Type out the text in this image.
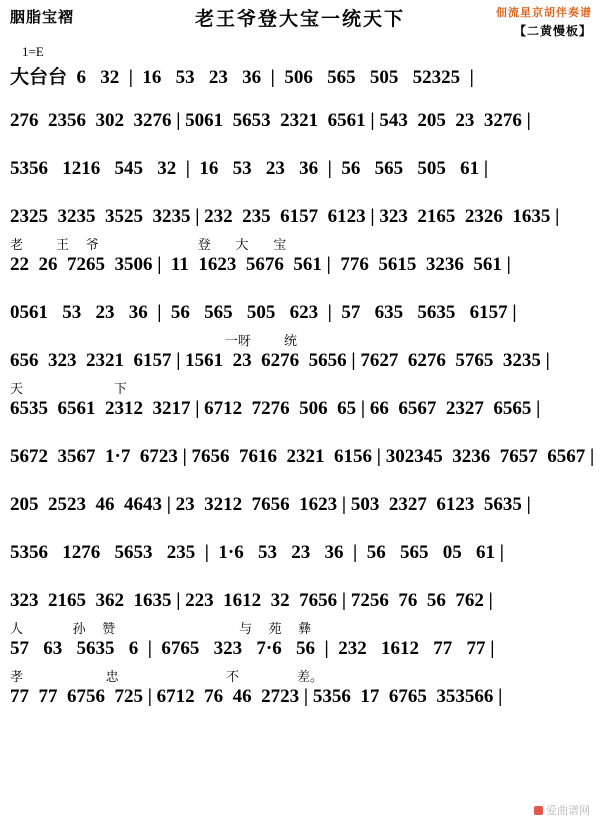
胭脂宝褶	老王爷登大宝一统天下	佃流星京胡伴奏谱
【二黄慢板】
1=E
大台台  6   32  |  16   53   23   36  |  506   565   505   52325  |
276  2356  302  3276 | 5061  5653  2321  6561 | 543  205  23  3276 |
5356   1216   545   32  |  16   53   23   36  |  56   565   505   61 |
2325  3235  3525  3235 | 232  235  6157  6123 | 323  2165  2326  1635 |
老        王    爷                        登      大      宝
22  26  7265  3506 |  11  1623  5676  561 |  776  5615  3236  561 |
0561   53   23   36  |  56   565   505   623  |  57   635   5635   6157 |
一呀        统
656  323  2321  6157 | 1561  23  6276  5656 | 7627  6276  5765  3235 |
天                      下
6535  6561  2312  3217 | 6712  7276  506  65 | 66  6567  2327  6565 |
5672  3567  1·7  6723 | 7656  7616  2321  6156 | 302345  3236  7657  6567 |
205  2523  46  4643 | 23  3212  7656  1623 | 503  2327  6123  5635 |
5356   1276   5653   235  |  1·6   53   23   36  |  56   565   05   61 |
323  2165  362  1635 | 223  1612  32  7656 | 7256  76  56  762 |
人            孙    赞                              与    苑    彝
57   63   5635   6  |  6765   323   7·6   56  |  232   1612   77   77 |
孝                    忠                          不              差。
77  77  6756  725 | 6712  76  46  2723 | 5356  17  6765  353566 |
爱曲谱网
